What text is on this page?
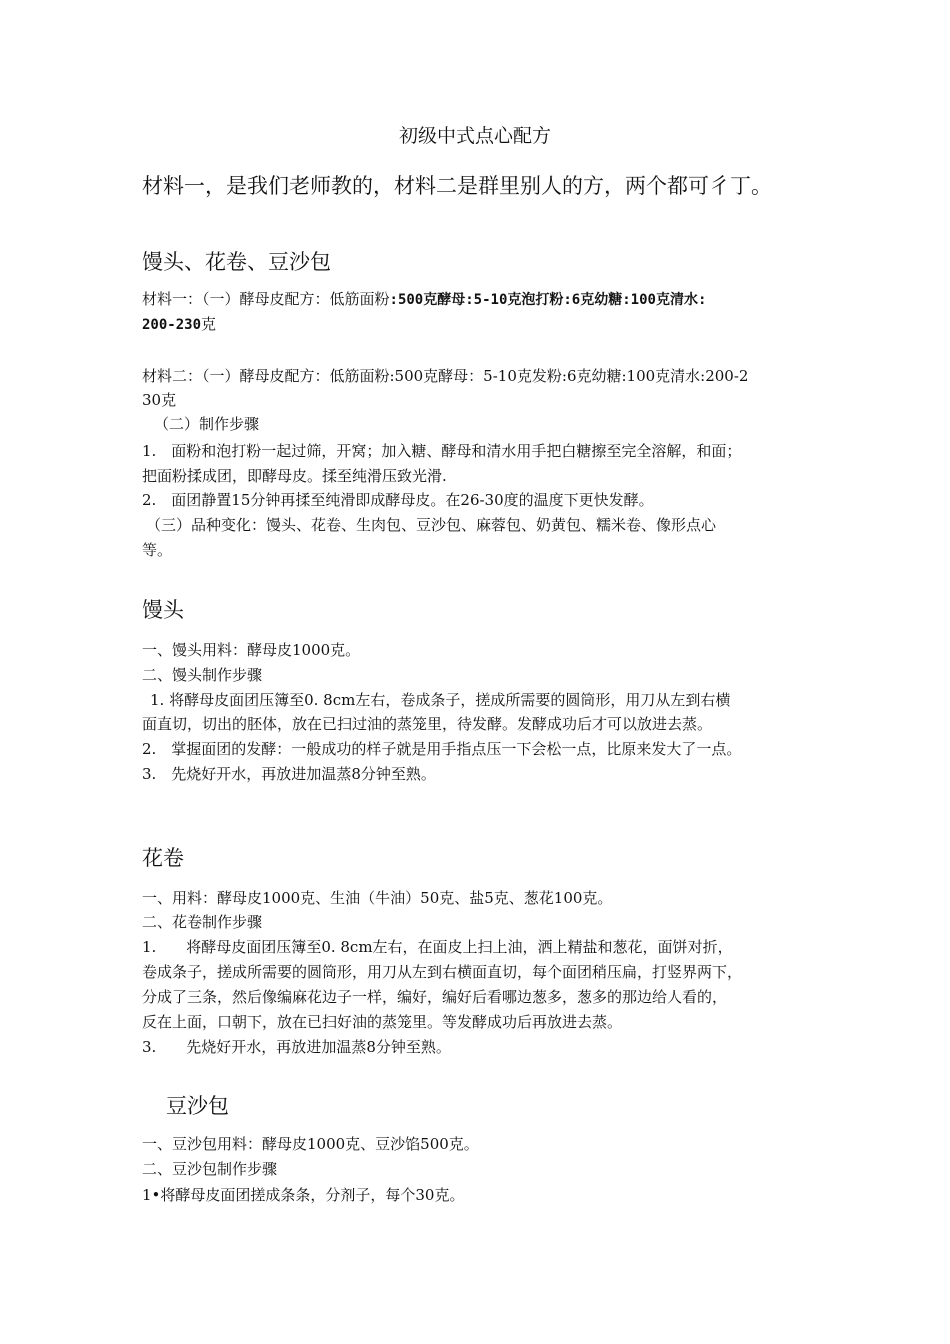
初级中式点心配方
材料一，是我们老师教的，材料二是群里别人的方，两个都可彳丁。
馒头、花卷、豆沙包
材料一：（一）酵母皮配方：低筋面粉:500克酵母:5-10克泡打粉:6克幼糖:100克清水:
200-230克
材料二：（一）酵母皮配方：低筋面粉:500克酵母：5-10克发粉:6克幼糖:100克清水:200-2
30克
（二）制作步骤
1.　面粉和泡打粉一起过筛，开窝；加入糖、酵母和清水用手把白糖擦至完全溶解，和面；
把面粉揉成团，即酵母皮。揉至纯滑压致光滑.
2.　面团静置15分钟再揉至纯滑即成酵母皮。在26-30度的温度下更快发酵。
（三）品种变化：馒头、花卷、生肉包、豆沙包、麻蓉包、奶黄包、糯米卷、像形点心
等。
馒头
一、馒头用料：酵母皮1000克。
二、馒头制作步骤
1. 将酵母皮面团压簿至0. 8cm左右，卷成条子，搓成所需要的圆筒形，用刀从左到右横
面直切，切出的胚体，放在已扫过油的蒸笼里，待发酵。发酵成功后才可以放进去蒸。
2.　掌握面团的发酵：一般成功的样子就是用手指点压一下会松一点，比原来发大了一点。
3.　先烧好开水，再放进加温蒸8分钟至熟。
花卷
一、用料：酵母皮1000克、生油（牛油）50克、盐5克、葱花100克。
二、花卷制作步骤
1.　　将酵母皮面团压簿至0. 8cm左右，在面皮上扫上油，洒上精盐和葱花，面饼对折，
卷成条子，搓成所需要的圆筒形，用刀从左到右横面直切，每个面团稍压扁，打竖界两下，
分成了三条，然后像编麻花边子一样，编好，编好后看哪边葱多，葱多的那边给人看的，
反在上面，口朝下，放在已扫好油的蒸笼里。等发酵成功后再放进去蒸。
3.　　先烧好开水，再放进加温蒸8分钟至熟。
豆沙包
一、豆沙包用料：酵母皮1000克、豆沙馅500克。
二、豆沙包制作步骤
1•将酵母皮面团搓成条条，分剂子，每个30克。
